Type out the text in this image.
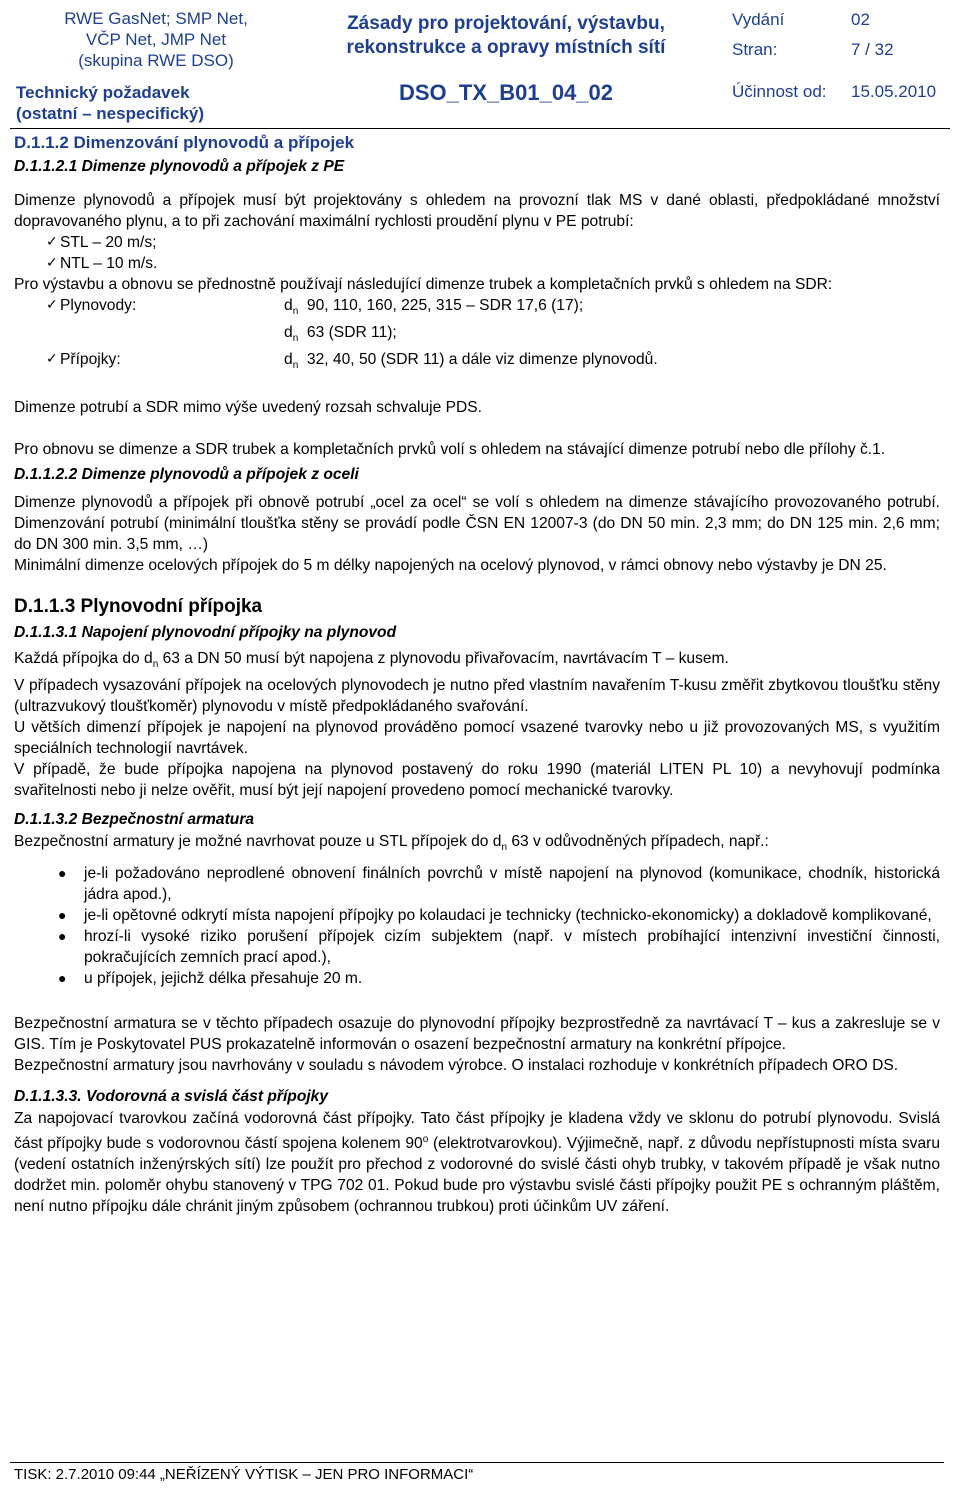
RWE GasNet; SMP Net,
VČP Net, JMP Net
(skupina RWE DSO)
Technický požadavek
(ostatní – nespecifický)
Zásady pro projektování, výstavbu,
rekonstrukce a opravy místních sítí
DSO_TX_B01_04_02
Vydání	02
Stran:	7 / 32
Účinnost od: 15.05.2010
D.1.1.2 Dimenzování plynovodů a přípojek
D.1.1.2.1 Dimenze plynovodů a přípojek z PE

Dimenze plynovodů a přípojek musí být projektovány s ohledem na provozní tlak MS v dané oblasti, předpokládané množství dopravovaného plynu, a to při zachování maximální rychlosti proudění plynu v PE potrubí:

✓ STL – 20 m/s;
✓ NTL – 10 m/s.

Pro výstavbu a obnovu se přednostně používají následující dimenze trubek a kompletačních prvků s ohledem na SDR:

✓ Plynovody:	$d_n$ 90, 110, 160, 225, 315 – SDR 17,6 (17);
$d_n$ 63 (SDR 11);
✓ Přípojky:	$d_n$ 32, 40, 50 (SDR 11) a dále viz dimenze plynovodů.

Dimenze potrubí a SDR mimo výše uvedený rozsah schvaluje PDS.

Pro obnovu se dimenze a SDR trubek a kompletačních prvků volí s ohledem na stávající dimenze potrubí nebo dle přílohy č.1.

D.1.1.2.2 Dimenze plynovodů a přípojek z oceli

Dimenze plynovodů a přípojek při obnově potrubí „ocel za ocel“ se volí s ohledem na dimenze stávajícího provozovaného potrubí. Dimenzování potrubí (minimální tloušťka stěny se provádí podle ČSN EN 12007-3 (do DN 50 min. 2,3 mm; do DN 125 min. 2,6 mm; do DN 300 min. 3,5 mm, …)

Minimální dimenze ocelových přípojek do 5 m délky napojených na ocelový plynovod, v rámci obnovy nebo výstavby je DN 25.

D.1.1.3 Plynovodní přípojka
D.1.1.3.1 Napojení plynovodní přípojky na plynovod

Každá přípojka do $d_n$ 63 a DN 50 musí být napojena z plynovodu přivařovacím, navrtávacím T – kusem.

V případech vysazování přípojek na ocelových plynovodech je nutno před vlastním navařením T-kusu změřit zbytkovou tloušťku stěny (ultrazvukový tloušťkoměr) plynovodu v místě předpokládaného svařování.

U větších dimenzí přípojek je napojení na plynovod prováděno pomocí vsazené tvarovky nebo u již provozovaných MS, s využitím speciálních technologií navrtávek.

V případě, že bude přípojka napojena na plynovod postavený do roku 1990 (materiál LITEN PL 10) a nevyhovují podmínka svařitelnosti nebo ji nelze ověřit, musí být její napojení provedeno pomocí mechanické tvarovky.

D.1.1.3.2 Bezpečnostní armatura

Bezpečnostní armatury je možné navrhovat pouze u STL přípojek do $d_n$ 63 v odůvodněných případech, např.:

●	je-li požadováno neprodlené obnovení finálních povrchů v místě napojení na plynovod (komunikace, chodník, historická jádra apod.),
●	je-li opětovné odkrytí místa napojení přípojky po kolaudaci je technicky (technicko-ekonomicky) a dokladově komplikované,
●	hrozí-li vysoké riziko porušení přípojek cizím subjektem (např. v místech probíhající intenzivní investiční činnosti, pokračujících zemních prací apod.),
●	u přípojek, jejichž délka přesahuje 20 m.

Bezpečnostní armatura se v těchto případech osazuje do plynovodní přípojky bezprostředně za navrtávací T – kus a zakresluje se v GIS. Tím je Poskytovatel PUS prokazatelně informován o osazení bezpečnostní armatury na konkrétní přípojce.

Bezpečnostní armatury jsou navrhovány v souladu s návodem výrobce. O instalaci rozhoduje v konkrétních případech ORO DS.

D.1.1.3.3. Vodorovná a svislá část přípojky

Za napojovací tvarovkou začíná vodorovná část přípojky. Tato část přípojky je kladena vždy ve sklonu do potrubí plynovodu. Svislá část přípojky bude s vodorovnou částí spojena kolenem 90$^o$ (elektrotvarovkou). Výjimečně, např. z důvodu nepřístupnosti místa svaru (vedení ostatních inženýrských sítí) lze použít pro přechod z vodorovné do svislé části ohyb trubky, v takovém případě je však nutno dodržet min. poloměr ohybu stanovený v TPG 702 01. Pokud bude pro výstavbu svislé části přípojky použit PE s ochranným pláštěm, není nutno přípojku dále chránit jiným způsobem (ochrannou trubkou) proti účinkům UV záření.

TISK: 2.7.2010 09:44 „NEŘÍZENÝ VÝTISK – JEN PRO INFORMACI“
